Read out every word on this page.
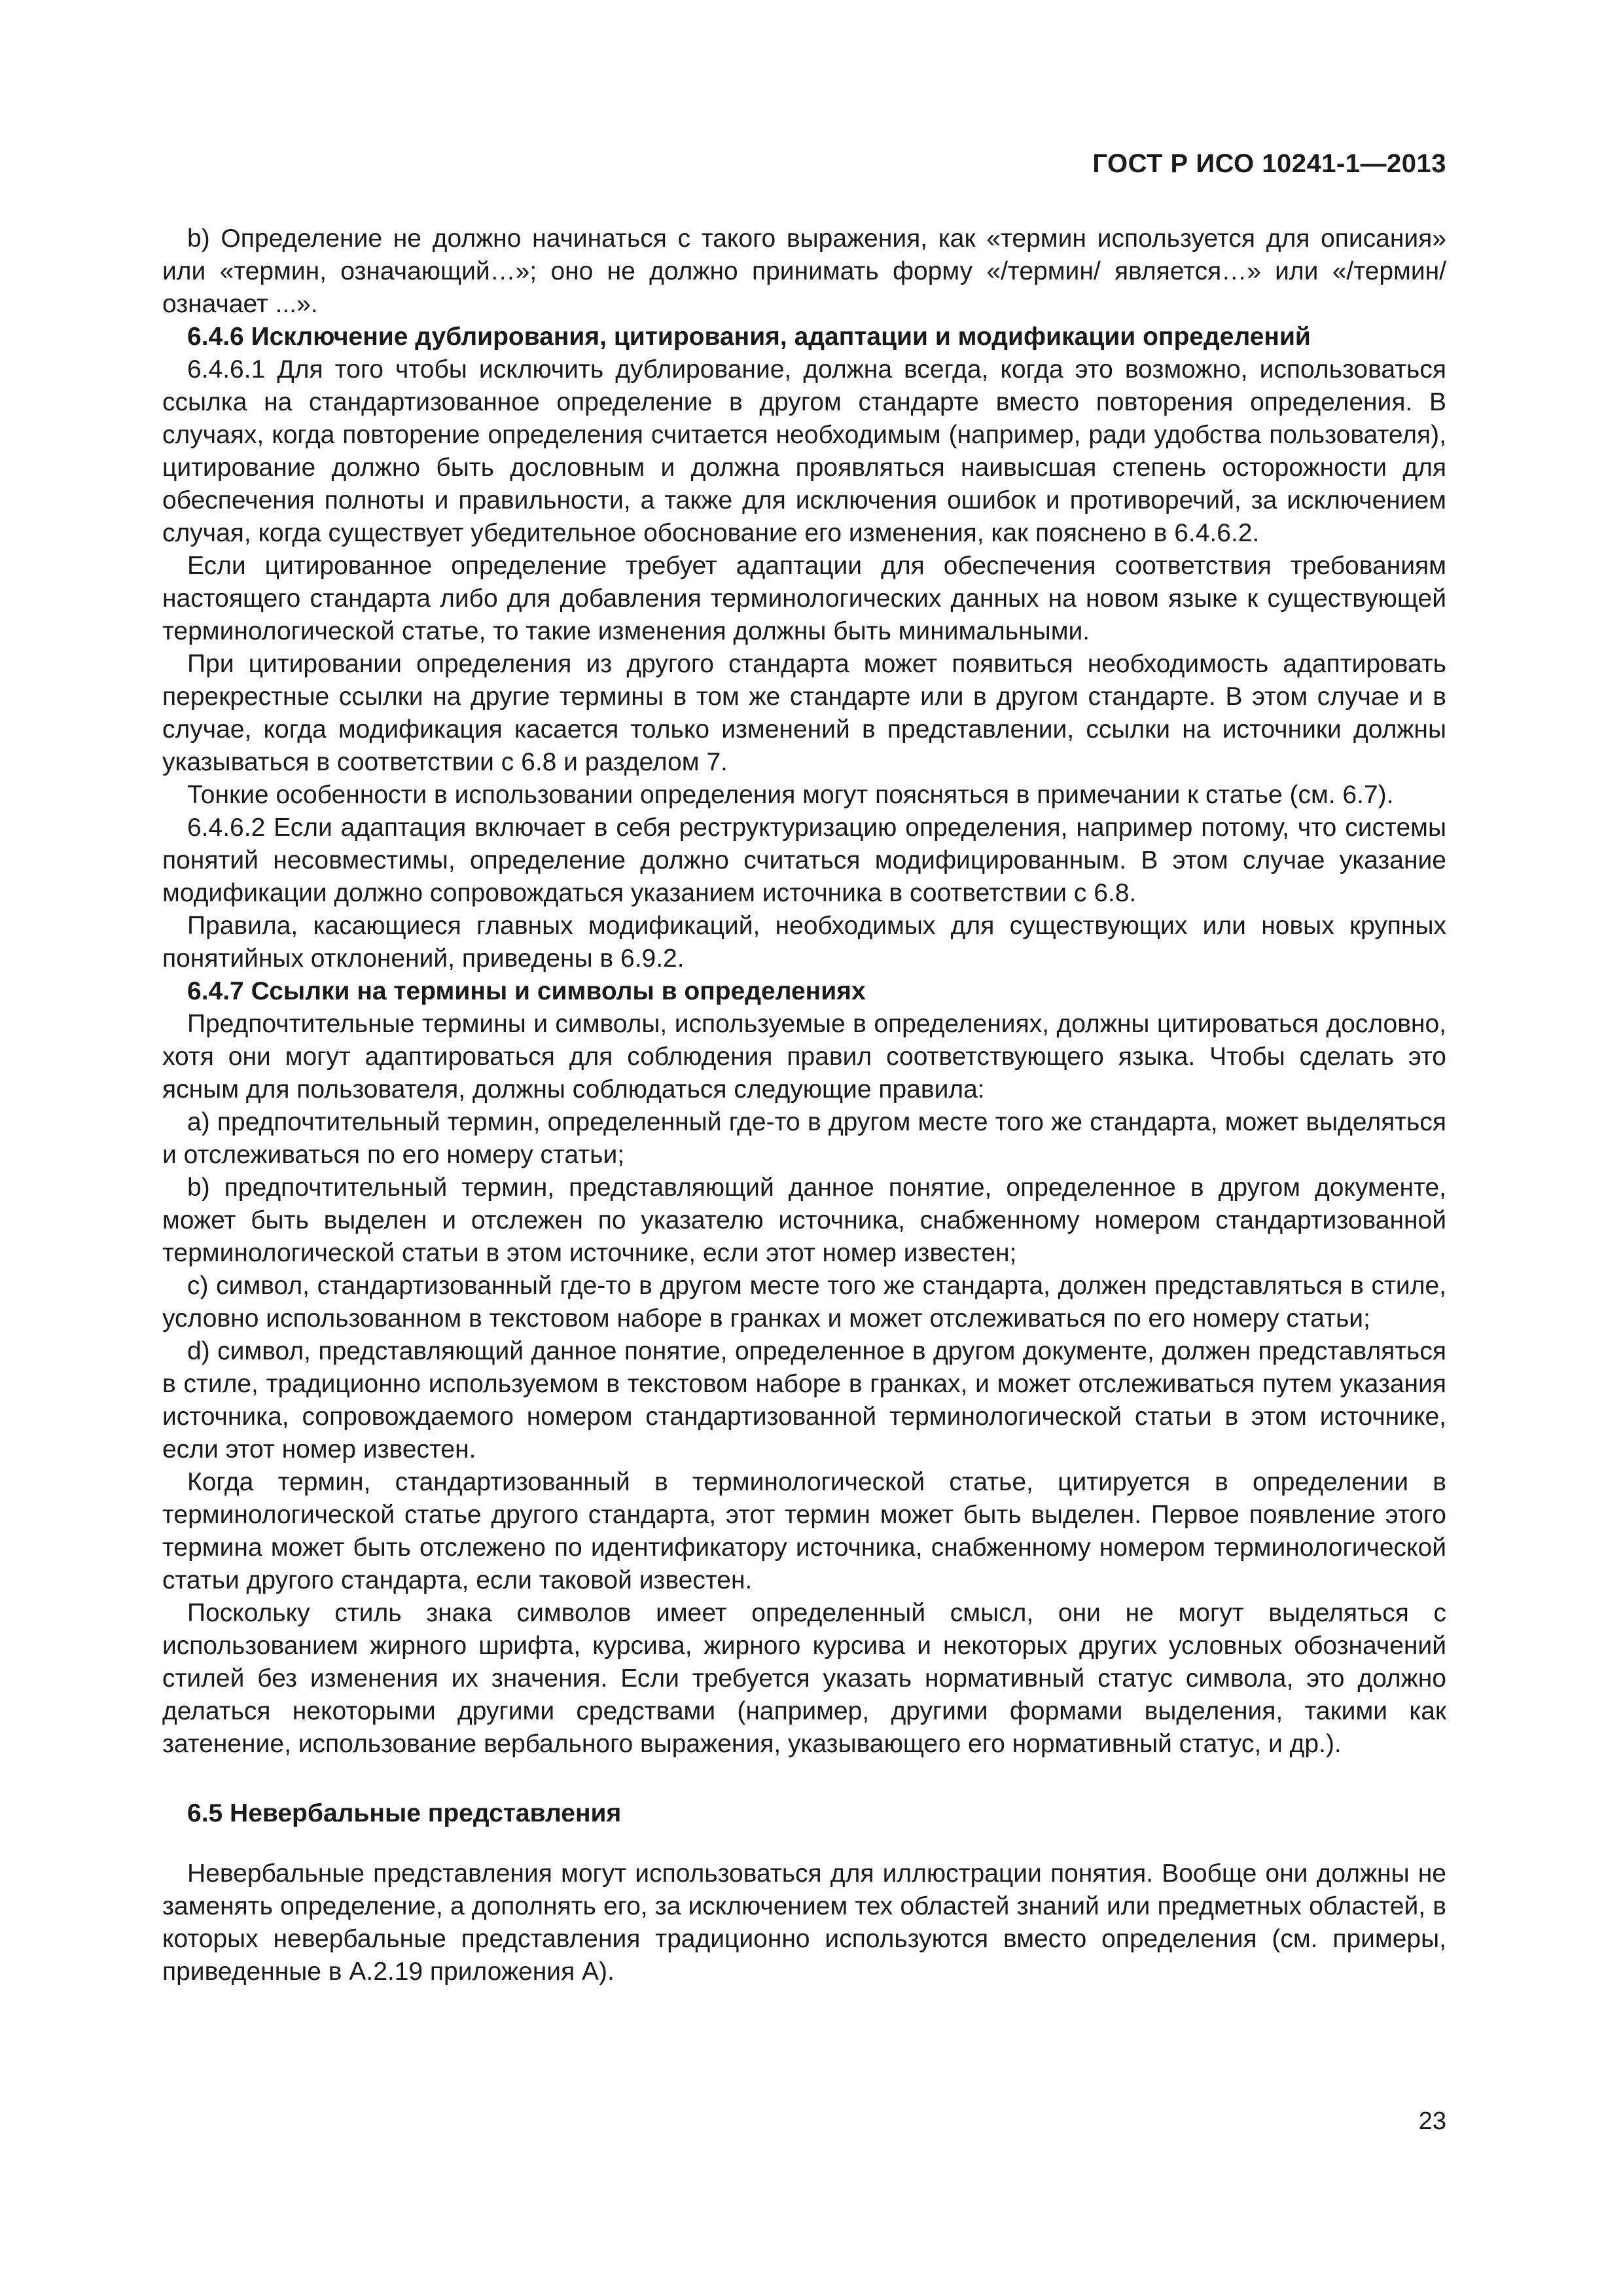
ГОСТ Р ИСО 10241-1—2013

b) Определение не должно начинаться с такого выражения, как «термин используется для описания» или «термин, означающий…»; оно не должно принимать форму «/термин/ является…» или «/термин/ означает ...».

6.4.6 Исключение дублирования, цитирования, адаптации и модификации определений

6.4.6.1 Для того чтобы исключить дублирование, должна всегда, когда это возможно, использоваться ссылка на стандартизованное определение в другом стандарте вместо повторения определения. В случаях, когда повторение определения считается необходимым (например, ради удобства пользователя), цитирование должно быть дословным и должна проявляться наивысшая степень осторожности для обеспечения полноты и правильности, а также для исключения ошибок и противоречий, за исключением случая, когда существует убедительное обоснование его изменения, как пояснено в 6.4.6.2.

Если цитированное определение требует адаптации для обеспечения соответствия требованиям настоящего стандарта либо для добавления терминологических данных на новом языке к существующей терминологической статье, то такие изменения должны быть минимальными.

При цитировании определения из другого стандарта может появиться необходимость адаптировать перекрестные ссылки на другие термины в том же стандарте или в другом стандарте. В этом случае и в случае, когда модификация касается только изменений в представлении, ссылки на источники должны указываться в соответствии с 6.8 и разделом 7.

Тонкие особенности в использовании определения могут поясняться в примечании к статье (см. 6.7).

6.4.6.2 Если адаптация включает в себя реструктуризацию определения, например потому, что системы понятий несовместимы, определение должно считаться модифицированным. В этом случае указание модификации должно сопровождаться указанием источника в соответствии с 6.8.

Правила, касающиеся главных модификаций, необходимых для существующих или новых крупных понятийных отклонений, приведены в 6.9.2.

6.4.7 Ссылки на термины и символы в определениях

Предпочтительные термины и символы, используемые в определениях, должны цитироваться дословно, хотя они могут адаптироваться для соблюдения правил соответствующего языка. Чтобы сделать это ясным для пользователя, должны соблюдаться следующие правила:

a) предпочтительный термин, определенный где-то в другом месте того же стандарта, может выделяться и отслеживаться по его номеру статьи;

b) предпочтительный термин, представляющий данное понятие, определенное в другом документе, может быть выделен и отслежен по указателю источника, снабженному номером стандартизованной терминологической статьи в этом источнике, если этот номер известен;

c) символ, стандартизованный где-то в другом месте того же стандарта, должен представляться в стиле, условно использованном в текстовом наборе в гранках и может отслеживаться по его номеру статьи;

d) символ, представляющий данное понятие, определенное в другом документе, должен представляться в стиле, традиционно используемом в текстовом наборе в гранках, и может отслеживаться путем указания источника, сопровождаемого номером стандартизованной терминологической статьи в этом источнике, если этот номер известен.

Когда термин, стандартизованный в терминологической статье, цитируется в определении в терминологической статье другого стандарта, этот термин может быть выделен. Первое появление этого термина может быть отслежено по идентификатору источника, снабженному номером терминологической статьи другого стандарта, если таковой известен.

Поскольку стиль знака символов имеет определенный смысл, они не могут выделяться с использованием жирного шрифта, курсива, жирного курсива и некоторых других условных обозначений стилей без изменения их значения. Если требуется указать нормативный статус символа, это должно делаться некоторыми другими средствами (например, другими формами выделения, такими как затенение, использование вербального выражения, указывающего его нормативный статус, и др.).

6.5 Невербальные представления

Невербальные представления могут использоваться для иллюстрации понятия. Вообще они должны не заменять определение, а дополнять его, за исключением тех областей знаний или предметных областей, в которых невербальные представления традиционно используются вместо определения (см. примеры, приведенные в А.2.19 приложения А).

23
